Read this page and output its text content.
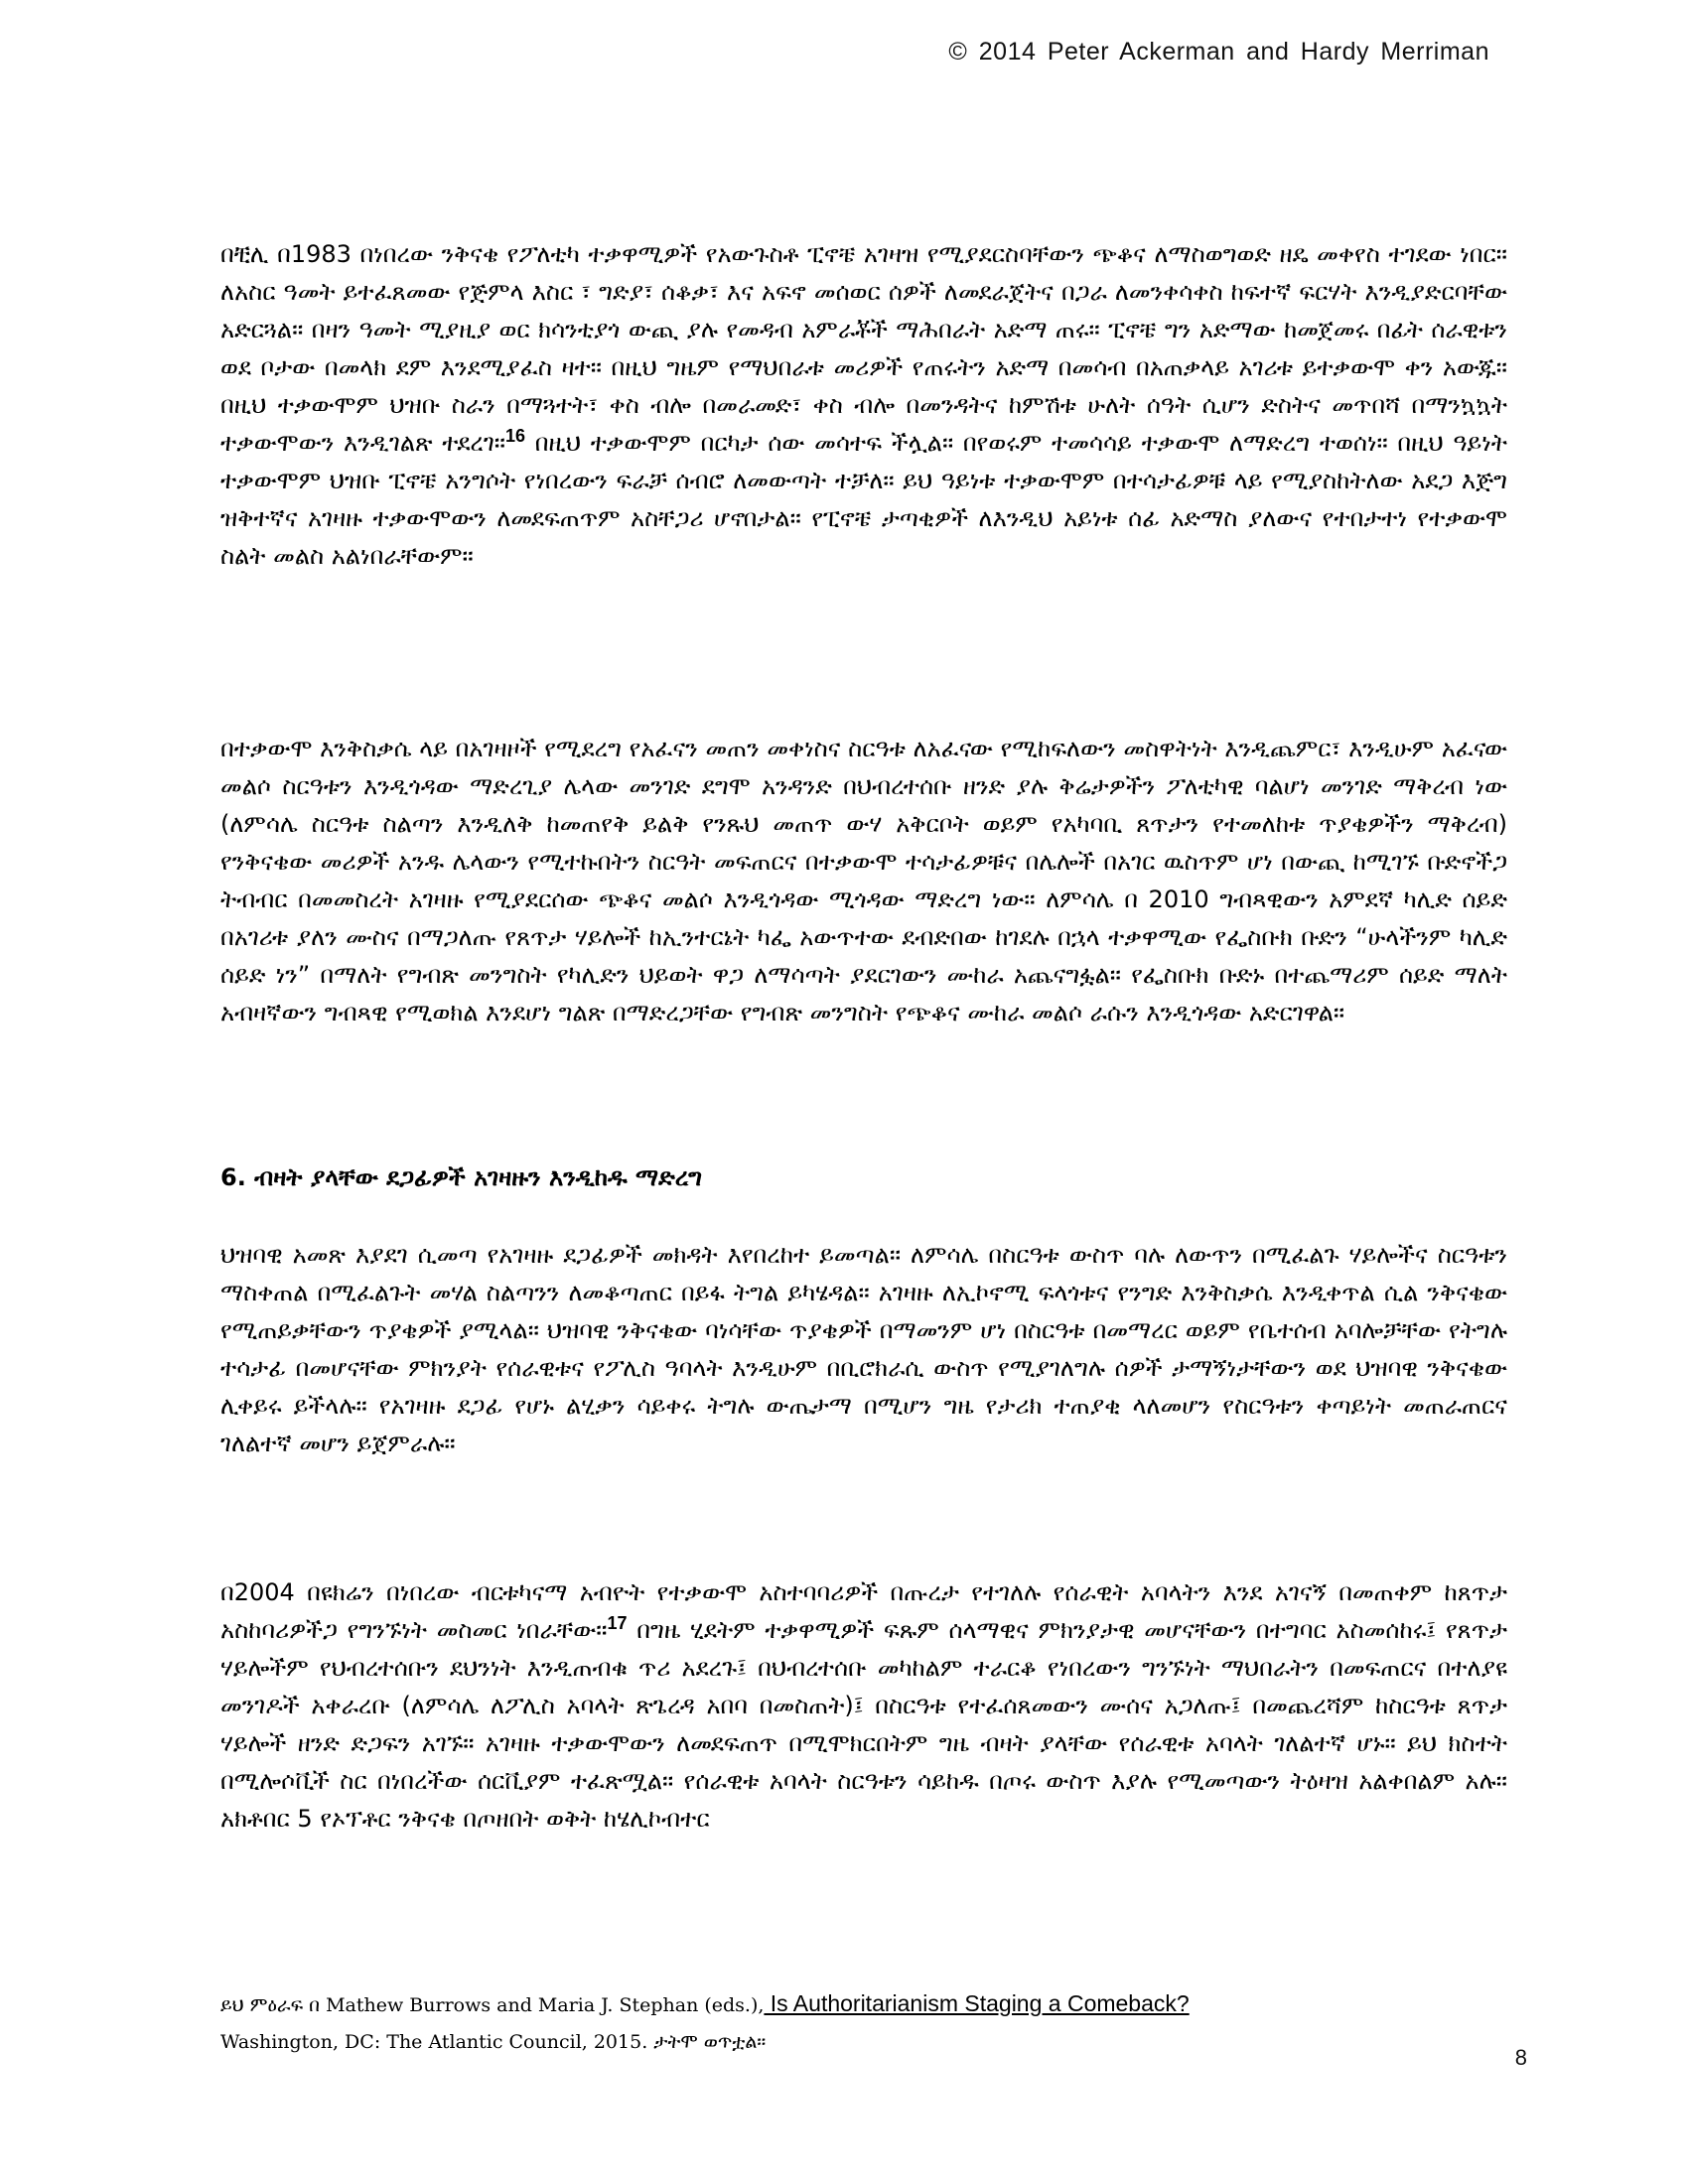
© 2014 Peter Ackerman and Hardy Merriman

በቺሊ በ1983 በነበረው ንቅናቄ የፖለቲካ ተቃዋሚዎች የአውጉስቶ ፒኖቼ አገዛዝ የሚያደርስባቸውን ጭቆና ለማስወግወድ ዘዴ መቀየስ ተገደው ነበር። ለአስር ዓመት ይተፈጸመው የጅምላ እስር ፣ ግድያ፣ ሰቆቃ፣ እና አፍኖ መሰወር ሰዎች ለመደራጀትና በጋራ ለመንቀሳቀስ ከፍተኛ ፍርሃት እንዲያድርባቸው አድርጓል። በዛን ዓመት ሚያዚያ ወር ክሳንቲያጎ ውጪ ያሉ የመዳብ አምራቾች ማሕበራት አድማ ጠሩ። ፒኖቼ ግን አድማው ከመጀመሩ በፊት ሰራዊቱን ወደ ቦታው በመላክ ደም እንደሚያፈስ ዛተ። በዚህ ግዜም የማህበራቱ መሪዎች የጠሩትን አድማ በመሳብ በአጠቃላይ አገሪቱ ይተቃውሞ ቀን አውጁ። በዚህ ተቃውሞም ህዝቡ ስራን በማጓተት፣ ቀስ ብሎ በመራመድ፣ ቀስ ብሎ በመንዳትና ከምሽቱ ሁለት ሰዓት ሲሆን ድስትና መጥበሻ በማንኳኳት ተቃውሞውን እንዲገልጽ ተደረገ።$^{16}$ በዚህ ተቃውሞም በርካታ ሰው መሳተፍ ችሏል። በየወሩም ተመሳሳይ ተቃውሞ ለማድረግ ተወሰነ። በዚህ ዓይነት ተቃውሞም ህዝቡ ፒኖቼ አንግሶት የነበረውን ፍራቻ ሰብሮ ለመውጣት ተቻለ። ይህ ዓይነቱ ተቃውሞም በተሳታፊዎቹ ላይ የሚያስከትለው አደጋ እጅግ ዝቅተኛና አገዛዙ ተቃውሞውን ለመደፍጠጥም አስቸጋሪ ሆኖበታል። የፒኖቼ ታጣቂዎች ለእንዲህ አይነቱ ሰፊ አድማስ ያለውና የተበታተነ የተቃውሞ ስልት መልስ አልነበራቸውም።

በተቃውሞ እንቅስቃሴ ላይ በአገዛዞች የሚደረግ የአፈናን መጠን መቀነስና ስርዓቱ ለአፈናው የሚከፍለውን መስዋትነት እንዲጨምር፣ እንዲሁም አፈናው መልሶ ስርዓቱን እንዲጎዳው ማድረጊያ ሌላው መንገድ ደግሞ አንዳንድ በህብረተሰቡ ዘንድ ያሉ ቅሬታዎችን ፖለቲካዊ ባልሆነ መንገድ ማቅረብ ነው (ለምሳሌ ስርዓቱ ስልጣን እንዲለቅ ከመጠየቅ ይልቅ የንጹህ መጠጥ ውሃ አቅርቦት ወይም የአካባቢ ጸጥታን የተመለከቱ ጥያቄዎችን ማቅረብ) የንቅናቄው መሪዎች አንዱ ሌላውን የሚተኩበትን ስርዓት መፍጠርና በተቃውሞ ተሳታፊዎቹና በሌሎች በአገር ዉስጥም ሆነ በውጪ ከሚገኙ ቡድኖችጋ ትብብር በመመስረት አገዛዙ የሚያደርሰው ጭቆና መልሶ እንዲጎዳው ሚጎዳው ማድረግ ነው። ለምሳሌ በ 2010 ግብጻዊውን አምደኛ ካሊድ ሰይድ በአገሪቱ ያለን ሙስና በማጋለጡ የጸጥታ ሃይሎች ከኢንተርኔት ካፌ አውጥተው ደብድበው ከገደሉ በኋላ ተቃዋሚው የፌስቡክ ቡድን “ሁላችንም ካሊድ ሰይድ ነን” በማለት የግብጽ መንግስት የካሊድን ህይወት ዋጋ ለማሳጣት ያደርገውን ሙከራ አጨናግፏል። የፌስቡክ ቡድኑ በተጨማሪም ሰይድ ማለት አብዛኛውን ግብጻዊ የሚወክል እንደሆነ ግልጽ በማድረጋቸው የግብጽ መንግስት የጭቆና ሙከራ መልሶ ራሱን እንዲጎዳው አድርገዋል።

6. ብዛት ያላቸው ደጋፊዎች አገዛዙን እንዲከዱ ማድረግ

ህዝባዊ አመጽ እያደገ ሲመጣ የአገዛዙ ደጋፊዎች መክዳት እየበረከተ ይመጣል። ለምሳሌ በስርዓቱ ውስጥ ባሉ ለውጥን በሚፈልጉ ሃይሎችና ስርዓቱን ማስቀጠል በሚፈልጉት መሃል ስልጣንን ለመቆጣጠር በይፋ ትግል ይካሄዳል። አገዛዙ ለኢኮኖሚ ፍላጎቱና የንግድ እንቅስቃሴ እንዲቀጥል ሲል ንቅናቄው የሚጠይቃቸውን ጥያቄዎች ያሚላል። ህዝባዊ ንቅናቄው ባነሳቸው ጥያቄዎች በማመንም ሆነ በስርዓቱ በመማረር ወይም የቤተሰብ አባሎቻቸው የትግሉ ተሳታፊ በመሆናቸው ምክንያት የሰራዊቱና የፖሊስ ዓባላት እንዲሁም በቢሮክራሲ ውስጥ የሚያገለግሉ ሰዎች ታማኝነታቸውን ወደ ህዝባዊ ንቅናቄው ሊቀይሩ ይችላሉ። የአገዛዙ ደጋፊ የሆኑ ልሂቃን ሳይቀሩ ትግሉ ውጤታማ በሚሆን ግዜ የታሪክ ተጠያቂ ላለመሆን የስርዓቱን ቀጣይነት መጠራጠርና ገለልተኛ መሆን ይጀምራሉ።

በ2004 በዩክሬን በነበረው ብርቱካናማ አብዮት የተቃውሞ አስተባባሪዎች በጡረታ የተገለሉ የሰራዊት አባላትን እንደ አገናኝ በመጠቀም ከጸጥታ አስከባሪዎችጋ የግንኙነት መስመር ነበራቸው።$^{17}$ በግዜ ሂደትም ተቃዋሚዎች ፍጹም ሰላማዊና ምክንያታዊ መሆናቸውን በተግባር አስመሰከሩ፤ የጸጥታ ሃይሎችም የህብረተሰቡን ደህንነት እንዲጠብቁ ጥሪ አደረጉ፤ በህብረተሰቡ መካከልም ተራርቆ የነበረውን ግንኙነት ማህበራትን በመፍጠርና በተለያዩ መንገዶች አቀራረቡ (ለምሳሌ ለፖሊስ አባላት ጽጌረዳ አበባ በመስጠት)፤ በስርዓቱ የተፈሰጸመውን ሙሰና አጋለጡ፤ በመጨረሻም ከስርዓቱ ጸጥታ ሃይሎች ዘንድ ድጋፍን አገኙ። አገዛዙ ተቃውሞውን ለመደፍጠጥ በሚሞክርበትም ግዜ ብዛት ያላቸው የሰራዊቱ አባላት ገለልተኛ ሆኑ። ይህ ክስተት በሚሎሶቪች ስር በነበረችው ሰርቪያም ተፈጽሟል። የሰራዊቱ አባላት ስርዓቱን ሳይከዱ በጦሩ ውስጥ እያሉ የሚመጣውን ትዕዛዝ አልቀበልም አሉ። አክቶበር 5 የኦፕቶር ንቅናቄ በጦዘበት ወቅት ከሄሊኮብተር

ይህ ምዕራፍ በ Mathew Burrows and Maria J. Stephan (eds.), Is Authoritarianism Staging a Comeback?
Washington, DC: The Atlantic Council, 2015. ታትሞ ወጥቷል።
8
